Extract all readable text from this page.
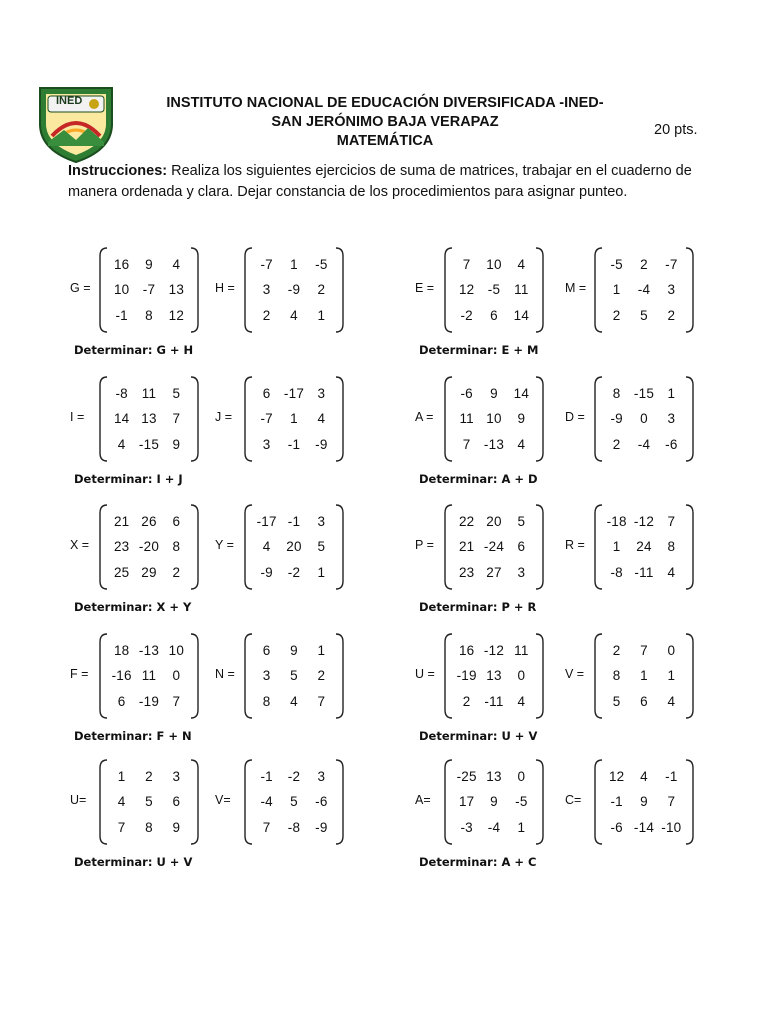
INED	INSTITUTO NACIONAL DE EDUCACIÓN DIVERSIFICADA -INED-
SAN JERÓNIMO BAJA VERAPAZ
MATEMÁTICA
20 pts.
Instrucciones: Realiza los siguientes ejercicios de suma de matrices, trabajar en el cuaderno de manera ordenada y clara. Dejar constancia de los procedimientos para asignar punteo.
G =
16 9 4
10 -7 13
-1 8 12
H =
-7 1 -5
3 -9 2
2 4 1
Determinar: G + H
E =
7 10 4
12 -5 11
-2 6 14
M =
-5 2 -7
1 -4 3
2 5 2
Determinar: E + M
I =
-8 11 5
14 13 7
4 -15 9
J =
6 -17 3
-7 1 4
3 -1 -9
Determinar: I + J
A =
-6 9 14
11 10 9
7 -13 4
D =
8 -15 1
-9 0 3
2 -4 -6
Determinar: A + D
X =
21 26 6
23 -20 8
25 29 2
Y =
-17 -1 3
4 20 5
-9 -2 1
Determinar: X + Y
P =
22 20 5
21 -24 6
23 27 3
R =
-18 -12 7
1 24 8
-8 -11 4
Determinar: P + R
F =
18 -13 10
-16 11 0
6 -19 7
N =
6 9 1
3 5 2
8 4 7
Determinar: F + N
U =
16 -12 11
-19 13 0
2 -11 4
V =
2 7 0
8 1 1
5 6 4
Determinar: U + V
U=
1 2 3
4 5 6
7 8 9
V=
-1 -2 3
-4 5 -6
7 -8 -9
Determinar: U + V
A=
-25 13 0
17 9 -5
-3 -4 1
C=
12 4 -1
-1 9 7
-6 -14 -10
Determinar: A + C
